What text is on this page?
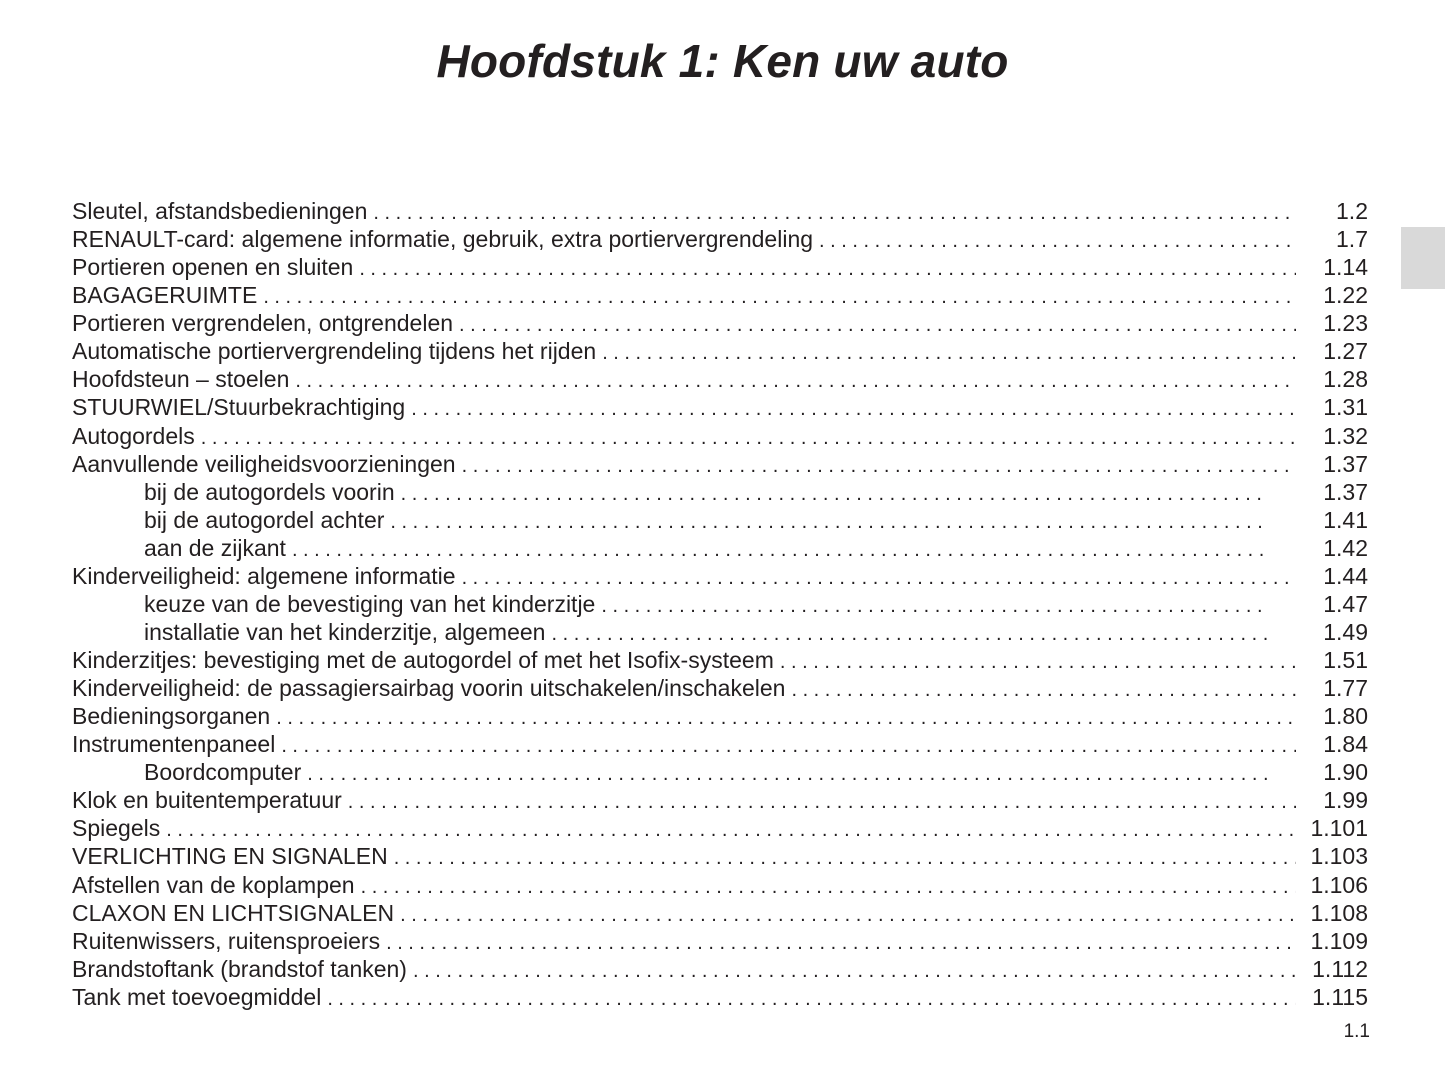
Hoofdstuk 1: Ken uw auto
Sleutel, afstandsbedieningen . . .	1.2
RENAULT-card: algemene informatie, gebruik, extra portiervergrendeling . . .	1.7
Portieren openen en sluiten . . .	1.14
BAGAGERUIMTE . . .	1.22
Portieren vergrendelen, ontgrendelen . . .	1.23
Automatische portiervergrendeling tijdens het rijden . . .	1.27
Hoofdsteun – stoelen . . .	1.28
STUURWIEL/Stuurbekrachtiging . . .	1.31
Autogordels . . .	1.32
Aanvullende veiligheidsvoorzieningen . . .	1.37
bij de autogordels voorin . . .	1.37
bij de autogordel achter . . .	1.41
aan de zijkant . . .	1.42
Kinderveiligheid: algemene informatie . . .	1.44
keuze van de bevestiging van het kinderzitje . . .	1.47
installatie van het kinderzitje, algemeen . . .	1.49
Kinderzitjes: bevestiging met de autogordel of met het Isofix-systeem . . .	1.51
Kinderveiligheid: de passagiersairbag voorin uitschakelen/inschakelen . . .	1.77
Bedieningsorganen . . .	1.80
Instrumentenpaneel . . .	1.84
Boordcomputer . . .	1.90
Klok en buitentemperatuur . . .	1.99
Spiegels . . .	1.101
VERLICHTING EN SIGNALEN . . .	1.103
Afstellen van de koplampen . . .	1.106
CLAXON EN LICHTSIGNALEN . . .	1.108
Ruitenwissers, ruitensproeiers . . .	1.109
Brandstoftank (brandstof tanken) . . .	1.112
Tank met toevoegmiddel . . .	1.115
1.1
